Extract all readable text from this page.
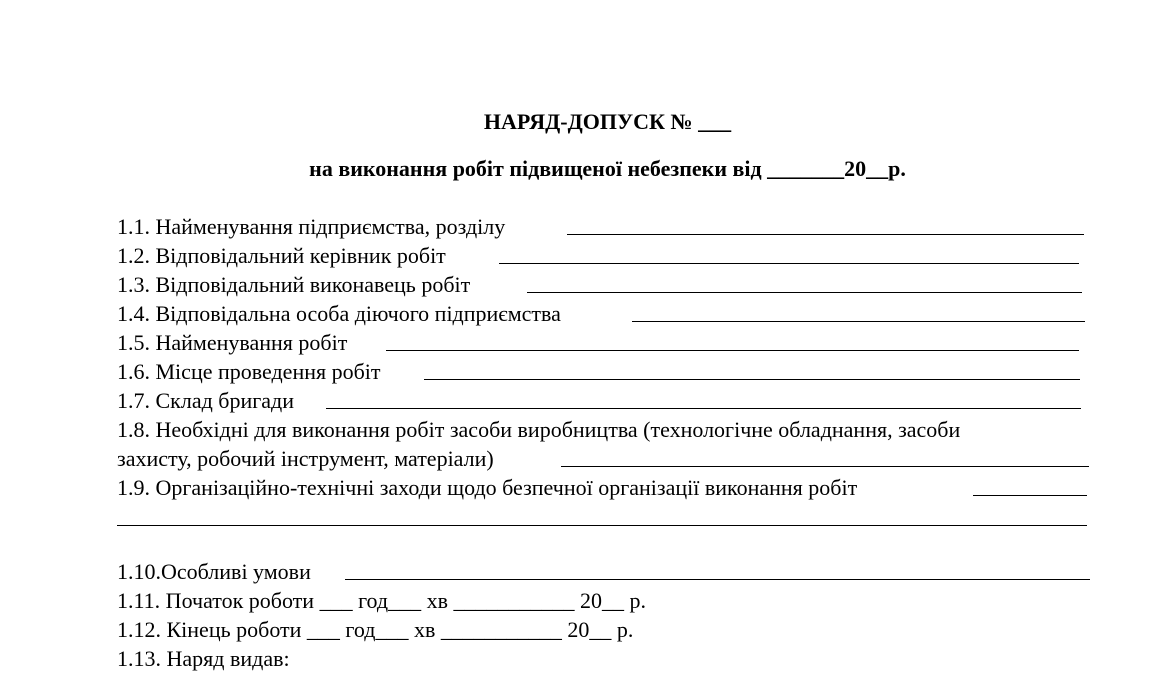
НАРЯД-ДОПУСК № ___
на виконання робіт підвищеної небезпеки від _______20__р.
1.1. Найменування підприємства, розділу
1.2. Відповідальний керівник робіт
1.3. Відповідальний виконавець робіт
1.4. Відповідальна особа діючого підприємства
1.5. Найменування робіт
1.6. Місце проведення робіт
1.7. Склад бригади
1.8. Необхідні для виконання робіт засоби виробництва (технологічне обладнання, засоби
захисту, робочий інструмент, матеріали)
1.9. Організаційно-технічні заходи щодо безпечної організації виконання робіт
1.10.Особливі умови
1.11. Початок роботи ___ год___ хв ___________ 20__ р.
1.12. Кінець роботи ___ год___ хв ___________ 20__ р.
1.13. Наряд видав:
